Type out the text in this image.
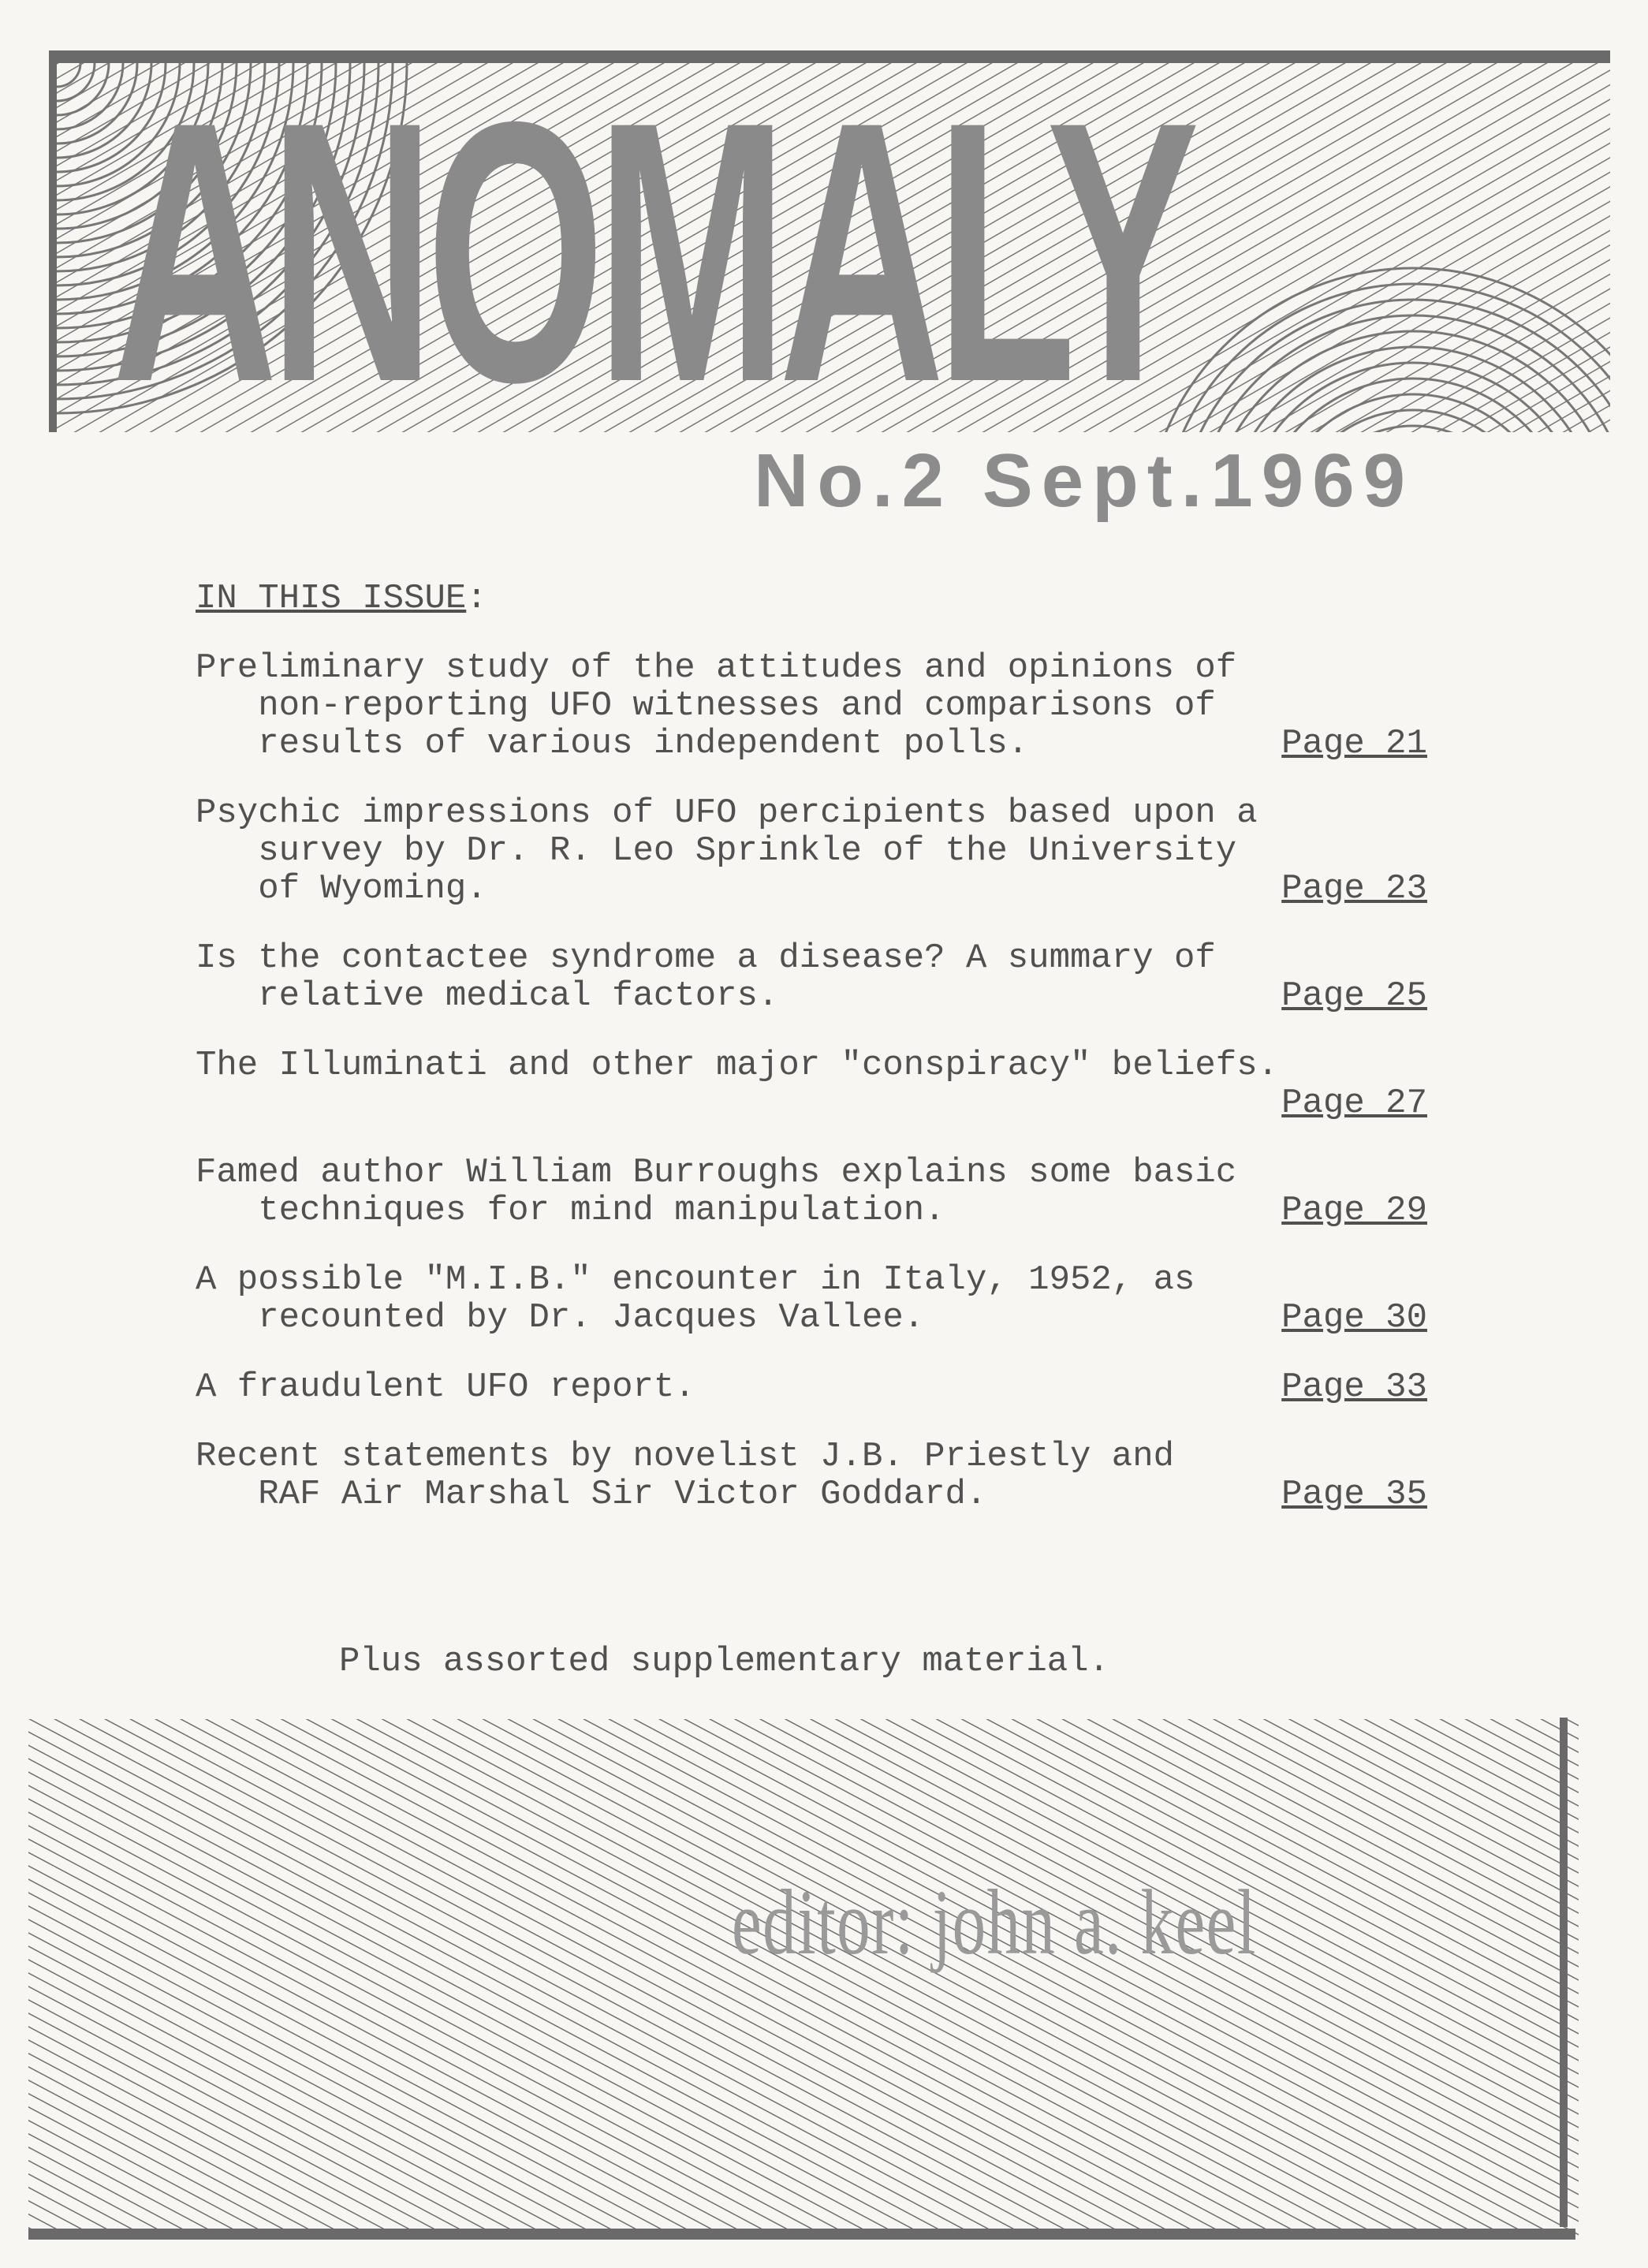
ANOMALY
No.2 Sept.1969
IN THIS ISSUE:
Preliminary study of the attitudes and opinions of
non-reporting UFO witnesses and comparisons of
results of various independent polls.	Page 21
Psychic impressions of UFO percipients based upon a
survey by Dr. R. Leo Sprinkle of the University
of Wyoming.	Page 23
Is the contactee syndrome a disease? A summary of
relative medical factors.	Page 25
The Illuminati and other major "conspiracy" beliefs.

Page 27
Famed author William Burroughs explains some basic
techniques for mind manipulation.	Page 29
A possible "M.I.B." encounter in Italy, 1952, as
recounted by Dr. Jacques Vallee.	Page 30
A fraudulent UFO report.	Page 33
Recent statements by novelist J.B. Priestly and
RAF Air Marshal Sir Victor Goddard.	Page 35
Plus assorted supplementary material.
editor: john a. keel
